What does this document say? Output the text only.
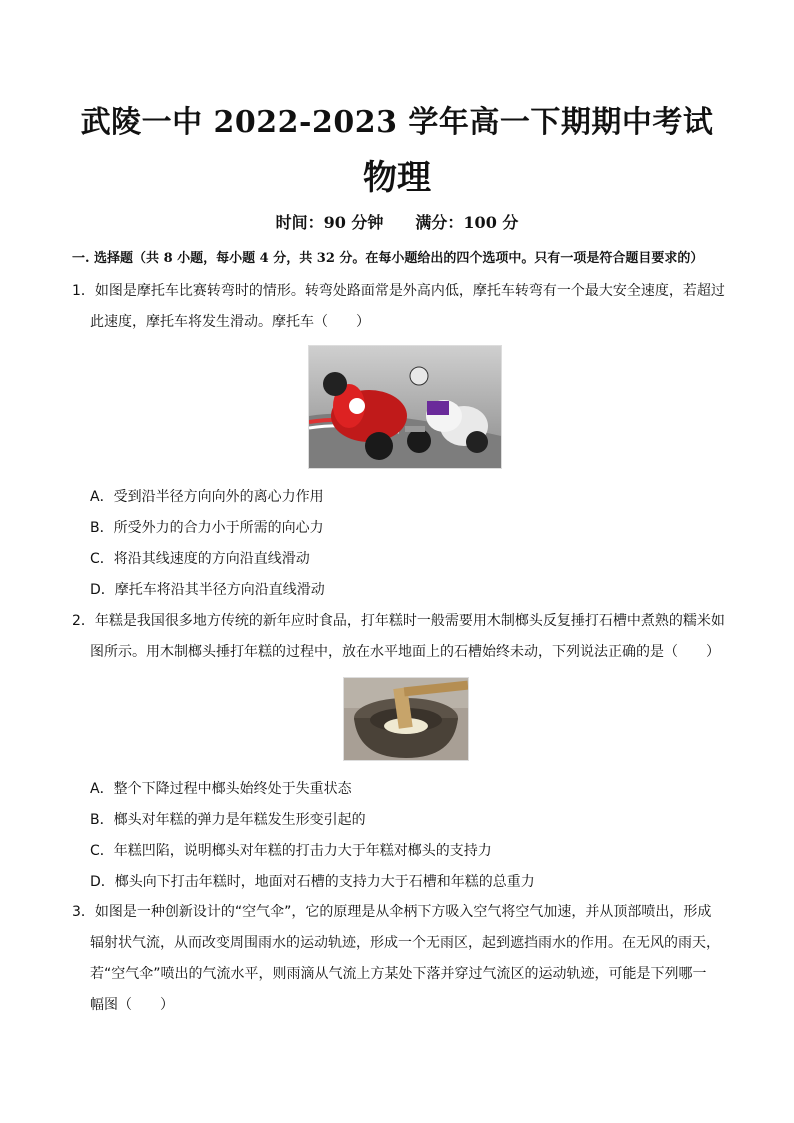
武陵一中 2022-2023 学年高一下期期中考试
物理
时间：90 分钟 满分：100 分
一. 选择题（共 8 小题，每小题 4 分，共 32 分。在每小题给出的四个选项中。只有一项是符合题目要求的）
1．如图是摩托车比赛转弯时的情形。转弯处路面常是外高内低，摩托车转弯有一个最大安全速度，若超过
此速度，摩托车将发生滑动。摩托车（　　）
A．受到沿半径方向向外的离心力作用
B．所受外力的合力小于所需的向心力
C．将沿其线速度的方向沿直线滑动
D．摩托车将沿其半径方向沿直线滑动
2．年糕是我国很多地方传统的新年应时食品，打年糕时一般需要用木制榔头反复捶打石槽中煮熟的糯米如
图所示。用木制榔头捶打年糕的过程中，放在水平地面上的石槽始终未动，下列说法正确的是（　　）
A．整个下降过程中榔头始终处于失重状态
B．榔头对年糕的弹力是年糕发生形变引起的
C．年糕凹陷，说明榔头对年糕的打击力大于年糕对榔头的支持力
D．榔头向下打击年糕时，地面对石槽的支持力大于石槽和年糕的总重力
3．如图是一种创新设计的“空气伞”，它的原理是从伞柄下方吸入空气将空气加速，并从顶部喷出，形成
辐射状气流，从而改变周围雨水的运动轨迹，形成一个无雨区，起到遮挡雨水的作用。在无风的雨天，
若“空气伞”喷出的气流水平，则雨滴从气流上方某处下落并穿过气流区的运动轨迹，可能是下列哪一
幅图（　　）
